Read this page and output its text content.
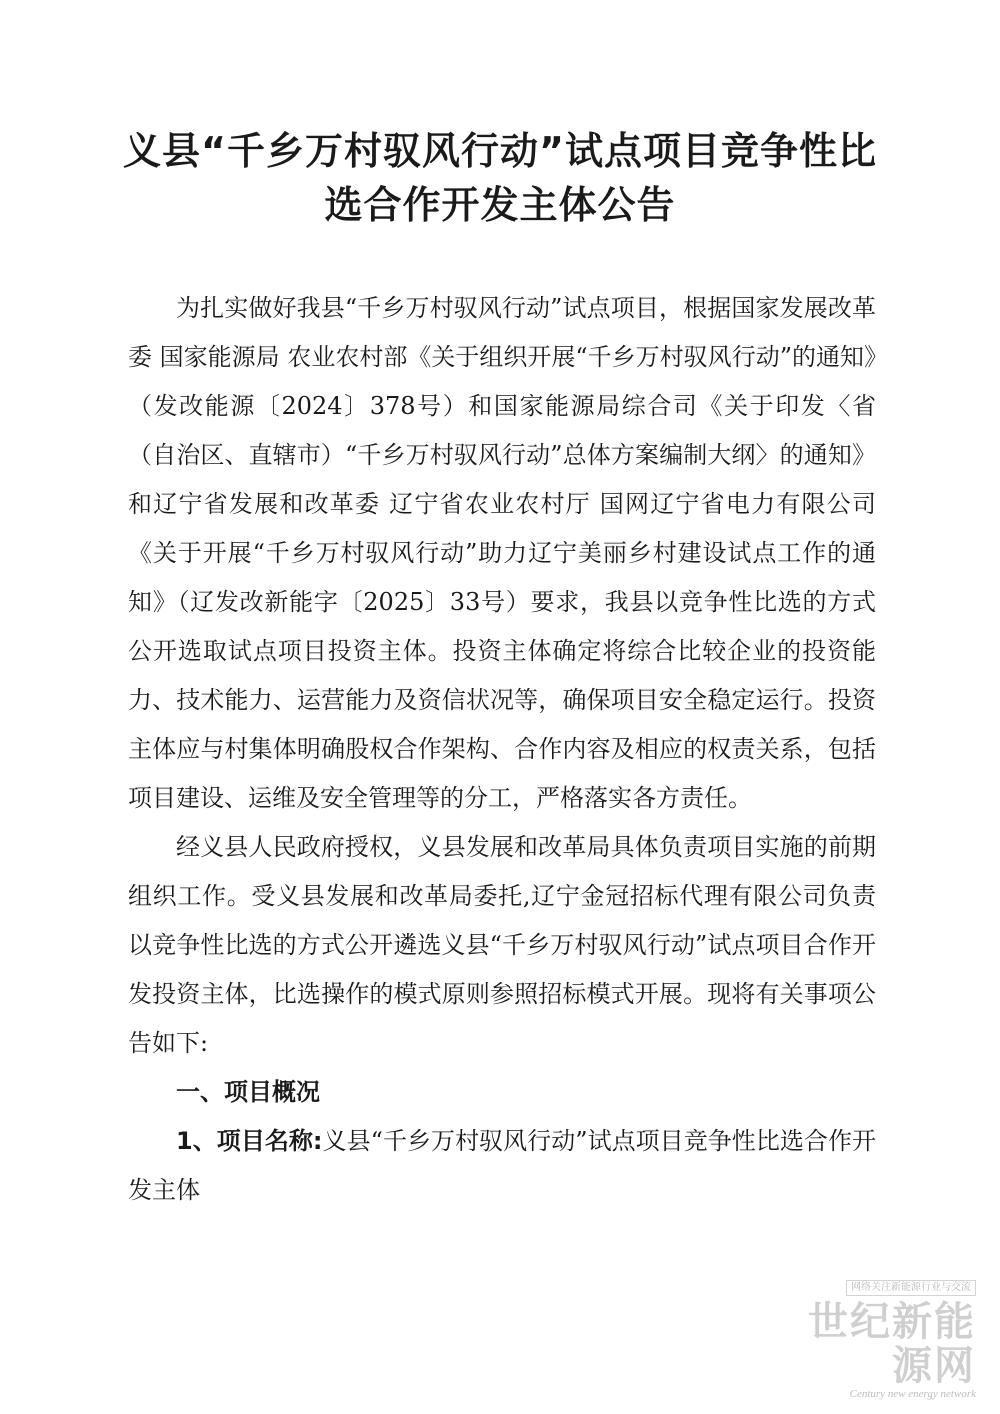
义县“千乡万村驭风行动”试点项目竞争性比
选合作开发主体公告

为扎实做好我县“千乡万村驭风行动”试点项目，根据国家发展改革委 国家能源局 农业农村部《关于组织开展“千乡万村驭风行动”的通知》（发改能源〔2024〕378号）和国家能源局综合司《关于印发〈省（自治区、直辖市）“千乡万村驭风行动”总体方案编制大纲〉的通知》和辽宁省发展和改革委 辽宁省农业农村厅 国网辽宁省电力有限公司《关于开展“千乡万村驭风行动”助力辽宁美丽乡村建设试点工作的通知》（辽发改新能字〔2025〕33号）要求，我县以竞争性比选的方式公开选取试点项目投资主体。投资主体确定将综合比较企业的投资能力、技术能力、运营能力及资信状况等，确保项目安全稳定运行。投资主体应与村集体明确股权合作架构、合作内容及相应的权责关系，包括项目建设、运维及安全管理等的分工，严格落实各方责任。

经义县人民政府授权，义县发展和改革局具体负责项目实施的前期组织工作。受义县发展和改革局委托,辽宁金冠招标代理有限公司负责以竞争性比选的方式公开遴选义县“千乡万村驭风行动”试点项目合作开发投资主体，比选操作的模式原则参照招标模式开展。现将有关事项公告如下:

一、项目概况

1、项目名称:义县“千乡万村驭风行动”试点项目竞争性比选合作开发主体

网络关注新能源行业与交流
世纪新能源网
Century new energy network
